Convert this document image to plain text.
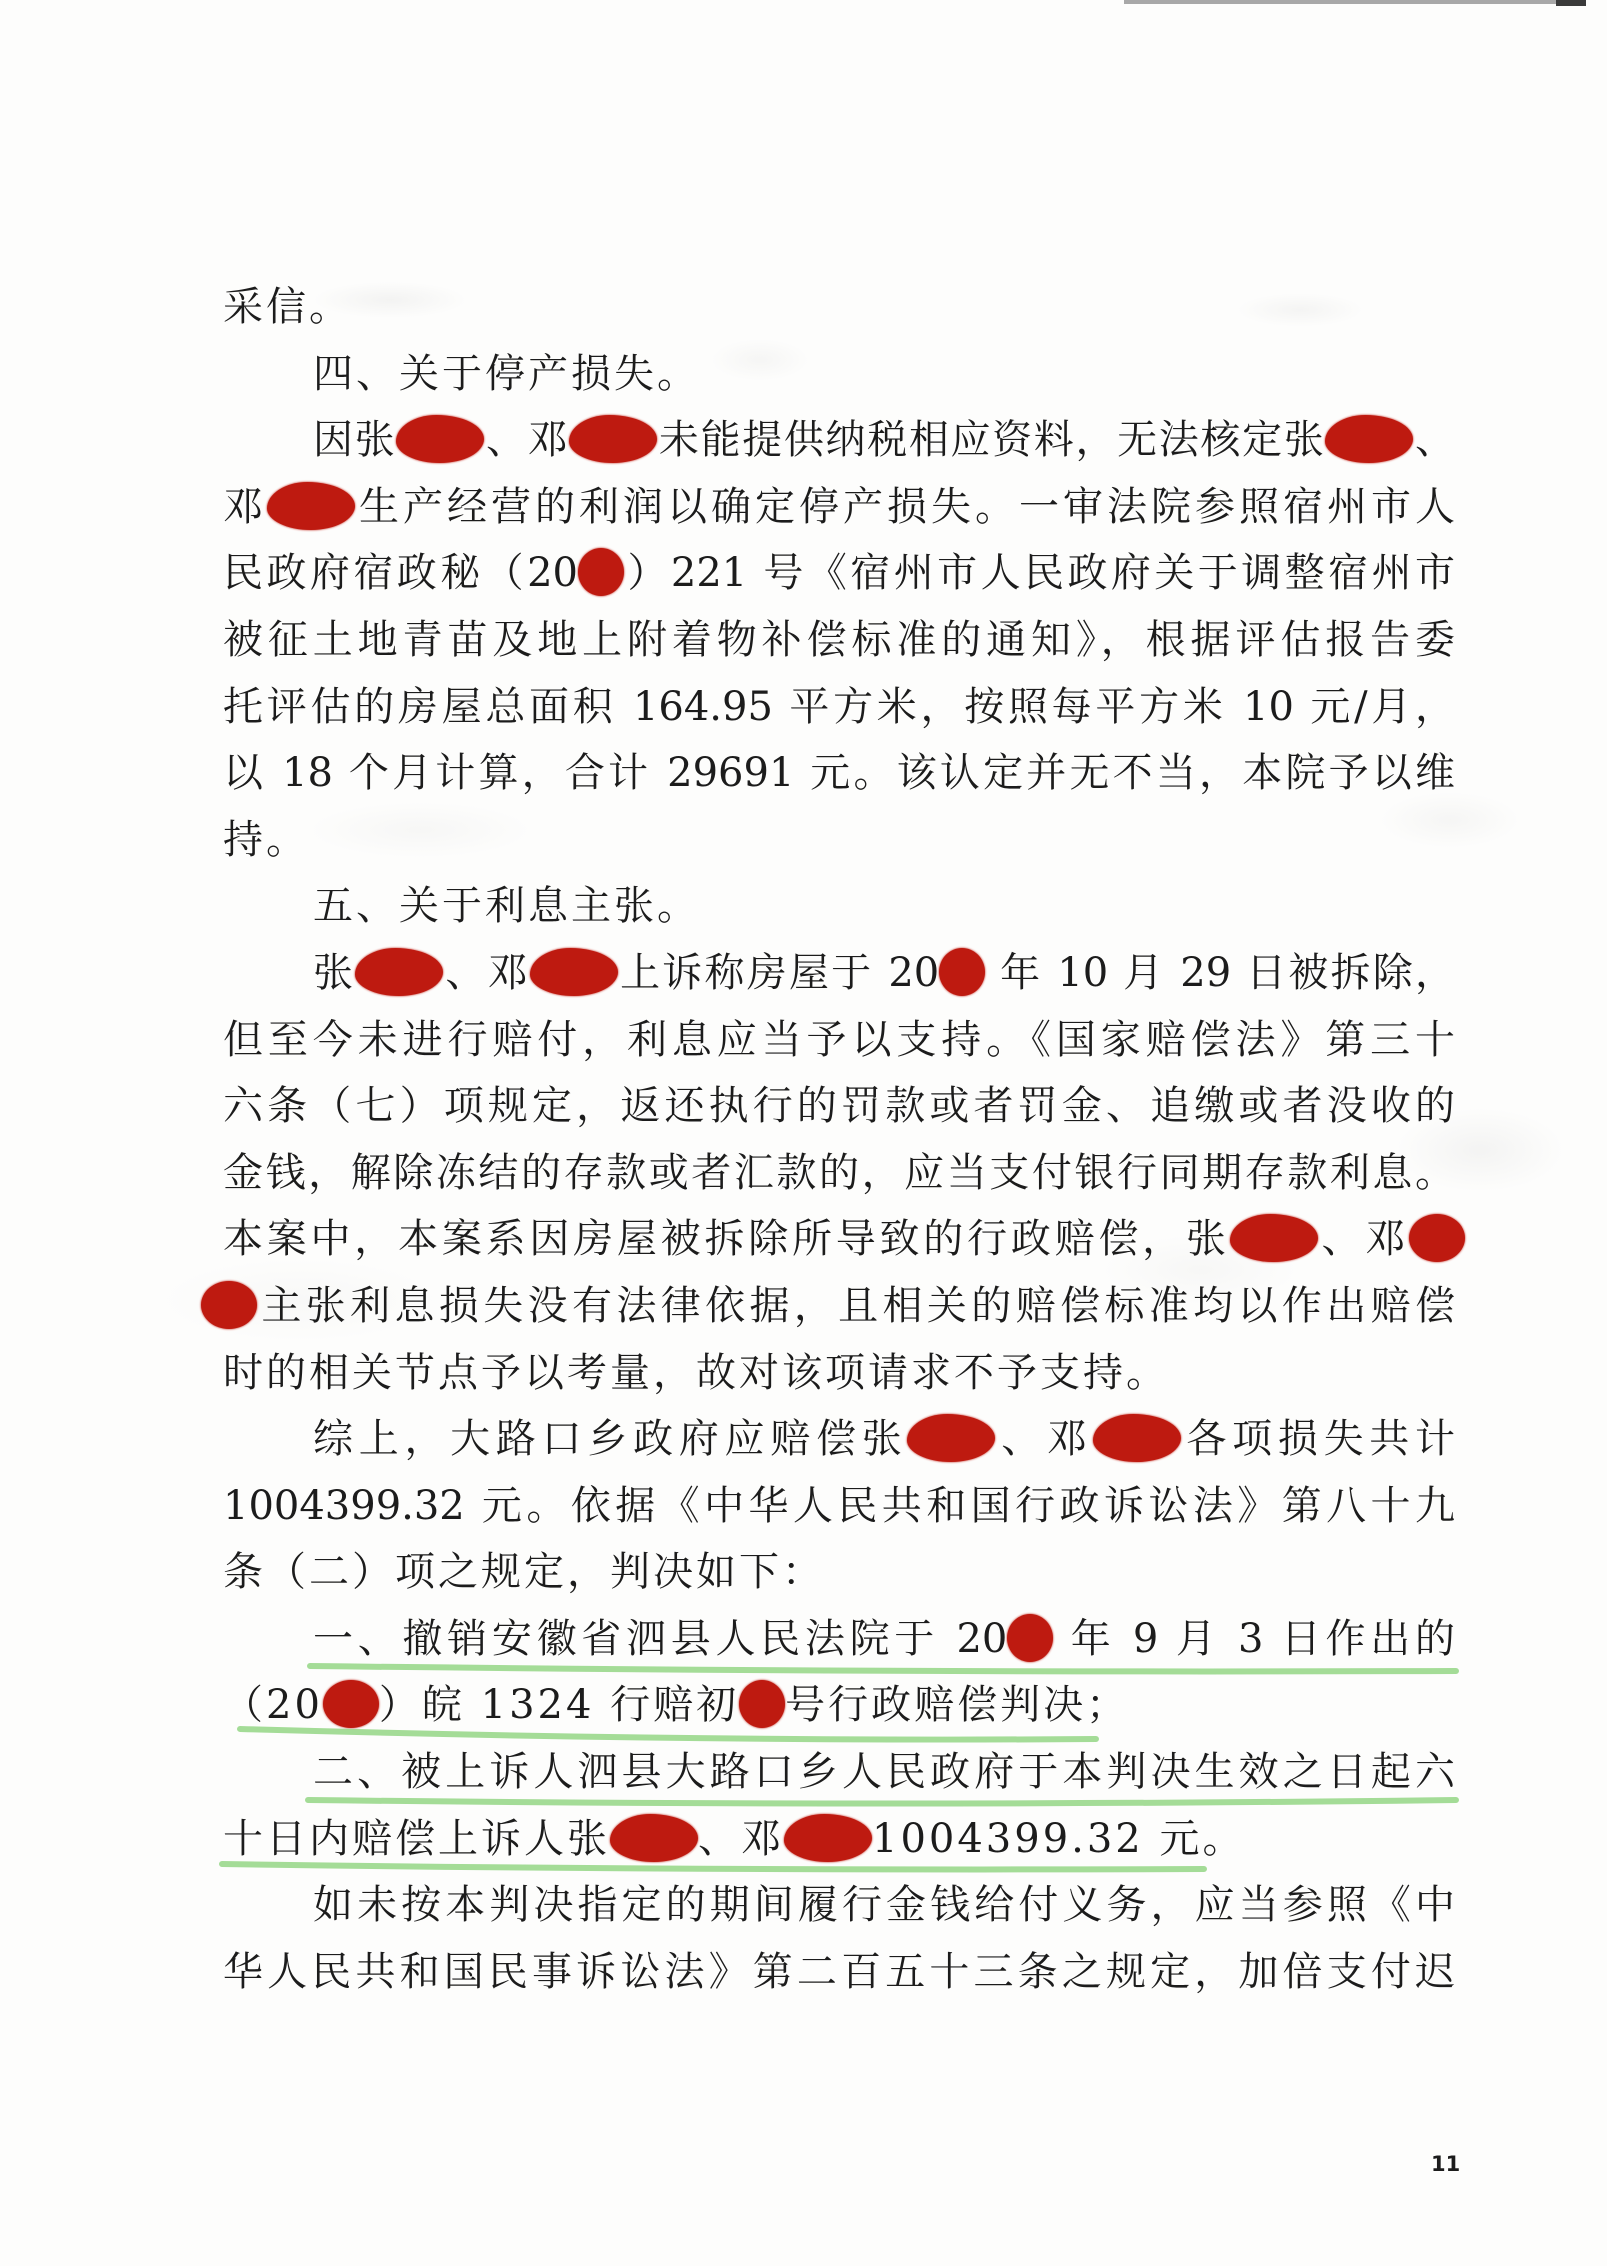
采信。
四、关于停产损失。
因张 、邓 未能提供纳税相应资料，无法核定张 、
邓 生产经营的利润以确定停产损失。一审法院参照宿州市人
民政府宿政秘（20 ）221 号《宿州市人民政府关于调整宿州市
被征土地青苗及地上附着物补偿标准的通知》，根据评估报告委
托评估的房屋总面积 164.95 平方米，按照每平方米 10 元/月，
以 18 个月计算，合计 29691 元。该认定并无不当，本院予以维
持。
五、关于利息主张。
张 、邓 上诉称房屋于 20 年 10 月 29 日被拆除，
但至今未进行赔付，利息应当予以支持。《国家赔偿法》第三十
六条（七）项规定，返还执行的罚款或者罚金、追缴或者没收的
金钱，解除冻结的存款或者汇款的，应当支付银行同期存款利息。
本案中，本案系因房屋被拆除所导致的行政赔偿，张 、邓
主张利息损失没有法律依据，且相关的赔偿标准均以作出赔偿
时的相关节点予以考量，故对该项请求不予支持。
综上，大路口乡政府应赔偿张 、邓 各项损失共计
1004399.32 元。依据《中华人民共和国行政诉讼法》第八十九
条（二）项之规定，判决如下：
一、撤销安徽省泗县人民法院于 20 年 9 月 3 日作出的
（20 ）皖 1324 行赔初 号行政赔偿判决；
二、被上诉人泗县大路口乡人民政府于本判决生效之日起六
十日内赔偿上诉人张 、邓 1004399.32 元。
如未按本判决指定的期间履行金钱给付义务，应当参照《中
华人民共和国民事诉讼法》第二百五十三条之规定，加倍支付迟
11
